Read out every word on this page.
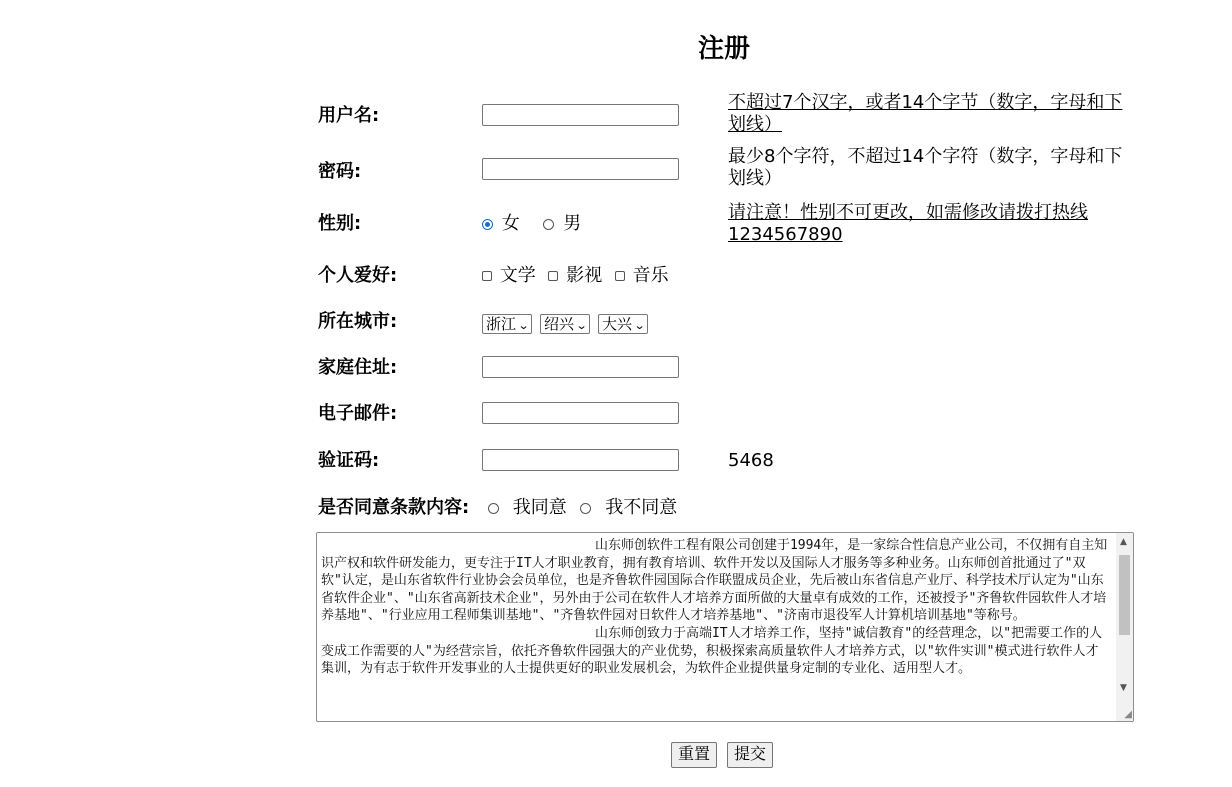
注册
用户名:
不超过7个汉字，或者14个字节（数字，字母和下划线）
密码:
最少8个字符，不超过14个字符（数字，字母和下划线）
性别:	女 男
请注意！性别不可更改，如需修改请拨打热线1234567890
个人爱好:	文学 影视 音乐
所在城市:	浙江 ⌄ 绍兴 ⌄ 大兴 ⌄
家庭住址:
电子邮件:
验证码:	5468
是否同意条款内容:	我同意 我不同意
山东师创软件工程有限公司创建于1994年，是一家综合性信息产业公司，不仅拥有自主知识产权和软件研发能力，更专注于IT人才职业教育，拥有教育培训、软件开发以及国际人才服务等多种业务。山东师创首批通过了"双软"认定，是山东省软件行业协会会员单位，也是齐鲁软件园国际合作联盟成员企业，先后被山东省信息产业厅、科学技术厅认定为"山东省软件企业"、"山东省高新技术企业"，另外由于公司在软件人才培养方面所做的大量卓有成效的工作，还被授予"齐鲁软件园软件人才培养基地"、"行业应用工程师集训基地"、"齐鲁软件园对日软件人才培养基地"、"济南市退役军人计算机培训基地"等称号。
山东师创致力于高端IT人才培养工作，坚持"诚信教育"的经营理念，以"把需要工作的人变成工作需要的人"为经营宗旨，依托齐鲁软件园强大的产业优势，积极探索高质量软件人才培养方式，以"软件实训"模式进行软件人才集训，为有志于软件开发事业的人士提供更好的职业发展机会，为软件企业提供量身定制的专业化、适用型人才。
▲
▼
◢
重置	提交
